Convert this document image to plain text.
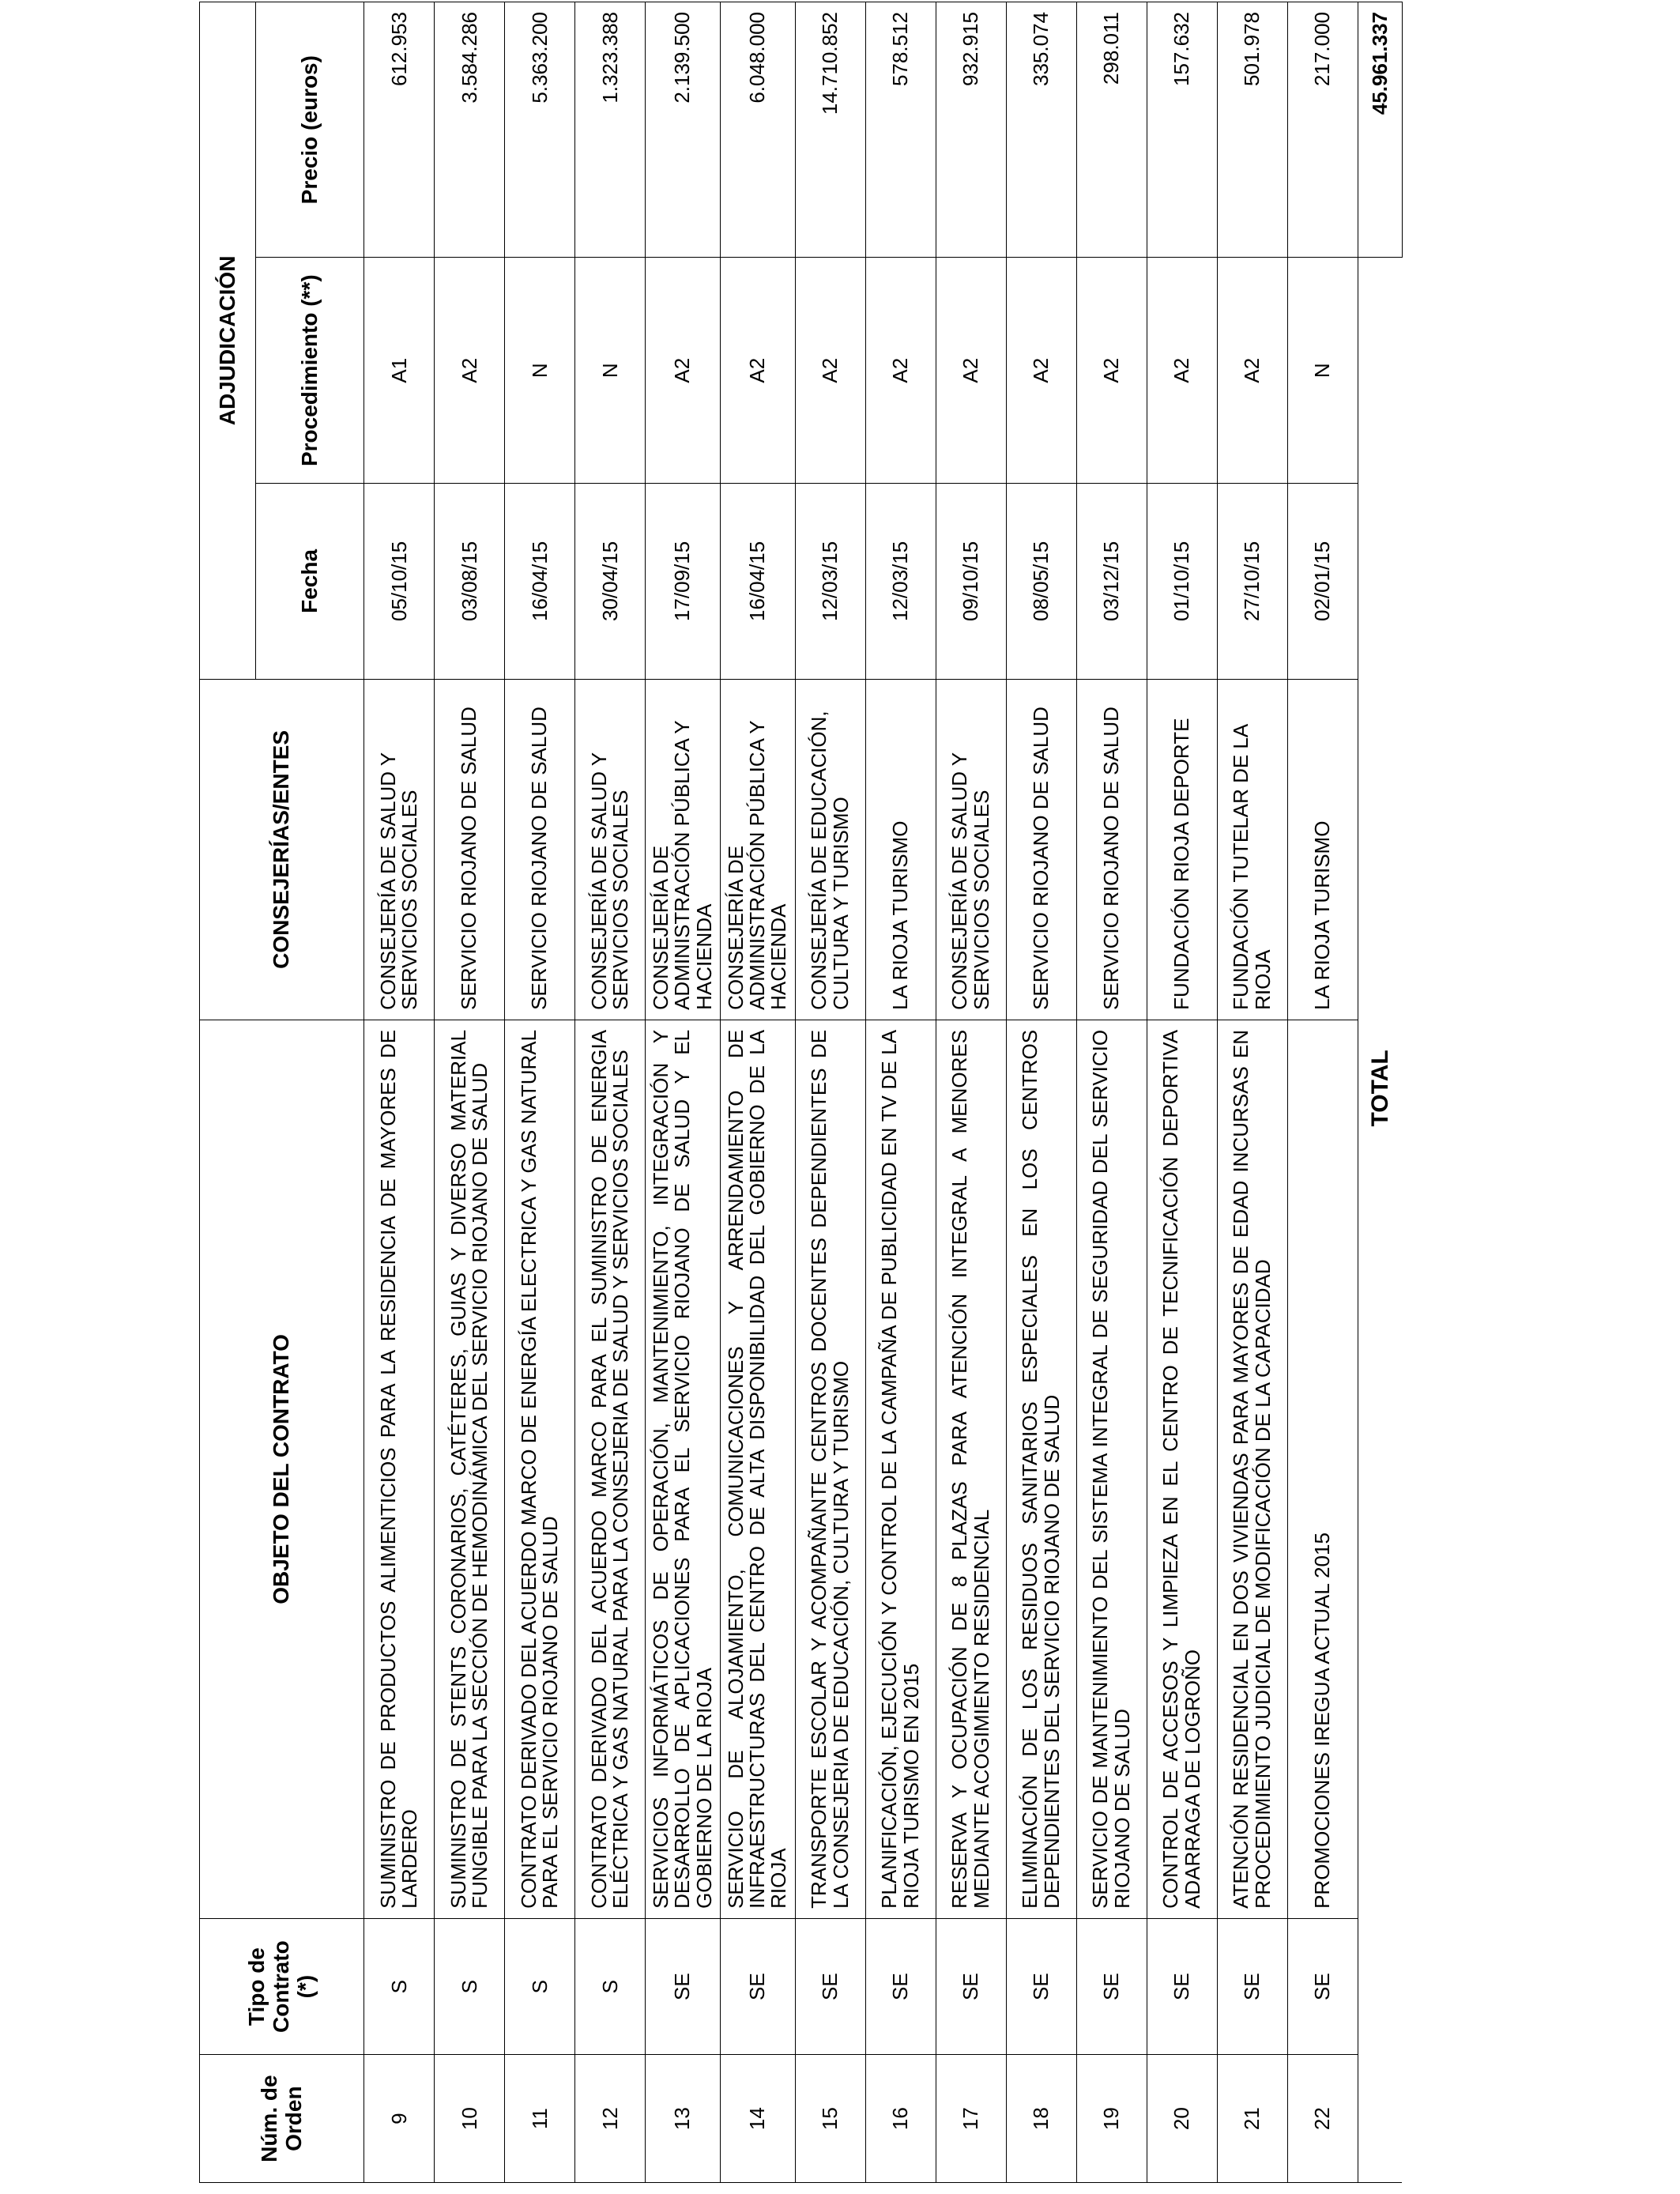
Núm. de Orden	Tipo de Contrato (*)	OBJETO DEL CONTRATO	CONSEJERÍAS/ENTES	ADJUDICACIÓN		
				Fecha	Procedimiento (**)	Precio (euros)
9	S	SUMINISTRO DE PRODUCTOS ALIMENTICIOS PARA LA RESIDENCIA DE MAYORES DE LARDERO	CONSEJERÍA DE SALUD Y SERVICIOS SOCIALES	05/10/15	A1	612.953
10	S	SUMINISTRO DE STENTS CORONARIOS, CATÉTERES, GUIAS Y DIVERSO MATERIAL FUNGIBLE PARA LA SECCIÓN DE HEMODINÁMICA DEL SERVICIO RIOJANO DE SALUD	SERVICIO RIOJANO DE SALUD	03/08/15	A2	3.584.286
11	S	CONTRATO DERIVADO DEL ACUERDO MARCO DE ENERGÍA ELECTRICA Y GAS NATURAL PARA EL SERVICIO RIOJANO DE SALUD	SERVICIO RIOJANO DE SALUD	16/04/15	N	5.363.200
12	S	CONTRATO DERIVADO DEL ACUERDO MARCO PARA EL SUMINISTRO DE ENERGIA ELÉCTRICA Y GAS NATURAL PARA LA CONSEJERIA DE SALUD Y SERVICIOS SOCIALES	CONSEJERÍA DE SALUD Y SERVICIOS SOCIALES	30/04/15	N	1.323.388
13	SE	SERVICIOS INFORMÁTICOS DE OPERACIÓN, MANTENIMIENTO, INTEGRACIÓN Y DESARROLLO DE APLICACIONES PARA EL SERVICIO RIOJANO DE SALUD Y EL GOBIERNO DE LA RIOJA	CONSEJERÍA DE ADMINISTRACIÓN PÚBLICA Y HACIENDA	17/09/15	A2	2.139.500
14	SE	SERVICIO DE ALOJAMIENTO, COMUNICACIONES Y ARRENDAMIENTO DE INFRAESTRUCTURAS DEL CENTRO DE ALTA DISPONIBILIDAD DEL GOBIERNO DE LA RIOJA	CONSEJERÍA DE ADMINISTRACIÓN PÚBLICA Y HACIENDA	16/04/15	A2	6.048.000
15	SE	TRANSPORTE ESCOLAR Y ACOMPAÑANTE CENTROS DOCENTES DEPENDIENTES DE LA CONSEJERIA DE EDUCACIÓN, CULTURA Y TURISMO	CONSEJERÍA DE EDUCACIÓN, CULTURA Y TURISMO	12/03/15	A2	14.710.852
16	SE	PLANIFICACIÓN, EJECUCIÓN Y CONTROL DE LA CAMPAÑA DE PUBLICIDAD EN TV DE LA RIOJA TURISMO EN 2015	LA RIOJA TURISMO	12/03/15	A2	578.512
17	SE	RESERVA Y OCUPACIÓN DE 8 PLAZAS PARA ATENCIÓN INTEGRAL A MENORES MEDIANTE ACOGIMIENTO RESIDENCIAL	CONSEJERÍA DE SALUD Y SERVICIOS SOCIALES	09/10/15	A2	932.915
18	SE	ELIMINACIÓN DE LOS RESIDUOS SANITARIOS ESPECIALES EN LOS CENTROS DEPENDIENTES DEL SERVICIO RIOJANO DE SALUD	SERVICIO RIOJANO DE SALUD	08/05/15	A2	335.074
19	SE	SERVICIO DE MANTENIMIENTO DEL SISTEMA INTEGRAL DE SEGURIDAD DEL SERVICIO RIOJANO DE SALUD	SERVICIO RIOJANO DE SALUD	03/12/15	A2	298.011
20	SE	CONTROL DE ACCESOS Y LIMPIEZA EN EL CENTRO DE TECNIFICACIÓN DEPORTIVA ADARRAGA DE LOGROÑO	FUNDACIÓN RIOJA DEPORTE	01/10/15	A2	157.632
21	SE	ATENCIÓN RESIDENCIAL EN DOS VIVIENDAS PARA MAYORES DE EDAD INCURSAS EN PROCEDIMIENTO JUDICIAL DE MODIFICACIÓN DE LA CAPACIDAD	FUNDACIÓN TUTELAR DE LA RIOJA	27/10/15	A2	501.978
22	SE	PROMOCIONES IREGUA ACTUAL 2015	LA RIOJA TURISMO	02/01/15	N	217.000
		TOTAL				45.961.337
